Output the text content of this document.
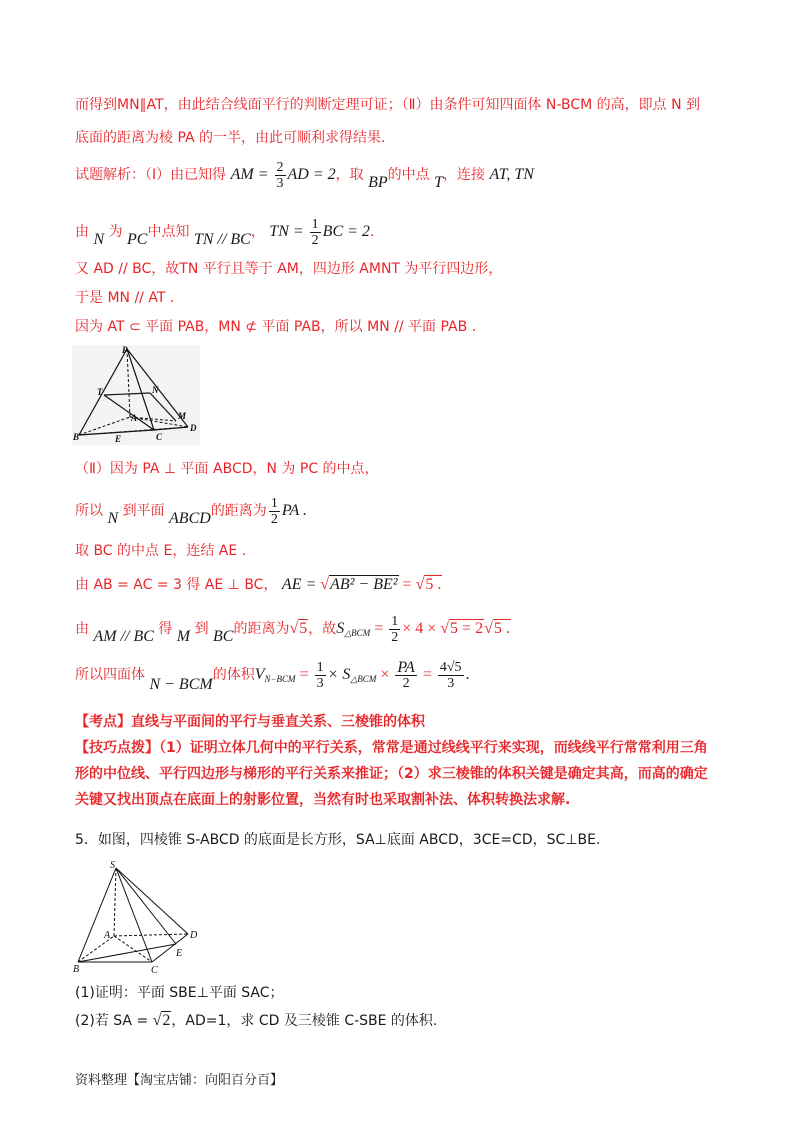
而得到MN∥AT，由此结合线面平行的判断定理可证；（Ⅱ）由条件可知四面体 N-BCM 的高，即点 N 到
底面的距离为棱 PA 的一半，由此可顺利求得结果.
试题解析：（Ⅰ）由已知得 AM = $\frac{2}{3}$ AD = 2，取 BP的中点 T，连接 AT, TN
由 N 为 PC中点知 TN // BC， TN = $\frac{1}{2}$ BC = 2.
又 AD // BC，故TN 平行且等于 AM，四边形 AMNT 为平行四边形，
于是 MN // AT .
因为 AT ⊂ 平面 PAB，MN ⊄ 平面 PAB，所以 MN // 平面 PAB .
P
B	C
D
A
T	N
E
M
（Ⅱ）因为 PA ⊥ 平面 ABCD，N 为 PC 的中点，
所以 N 到平面 ABCD的距离为 $\frac{1}{2}$ PA .
取 BC 的中点 E，连结 AE .
由 AB = AC = 3 得 AE ⊥ BC， AE = √AB² − BE² = √5 .
由 AM // BC 得 M 到 BC的距离为√5，故$S_{\triangle BCM} = \frac{1}{2} \times 4 \times √5 = 2√5$ .
所以四面体 N − BCM的体积$V_{N-BCM} = \frac{1}{3} \times S_{\triangle BCM} \times \frac{PA}{2} = \frac{4√5}{3}$ .
【考点】直线与平面间的平行与垂直关系、三棱锥的体积
【技巧点拨】（1）证明立体几何中的平行关系，常常是通过线线平行来实现，而线线平行常常利用三角
形的中位线、平行四边形与梯形的平行关系来推证；（2）求三棱锥的体积关键是确定其高，而高的确定
关键又找出顶点在底面上的射影位置，当然有时也采取割补法、体积转换法求解.
5．如图，四棱锥 S-ABCD 的底面是长方形，SA⊥底面 ABCD，3CE=CD，SC⊥BE.
S
A
B	C
D
E
(1)证明：平面 SBE⊥平面 SAC；
(2)若 SA = √2，AD=1，求 CD 及三棱锥 C-SBE 的体积.
资料整理【淘宝店铺：向阳百分百】
